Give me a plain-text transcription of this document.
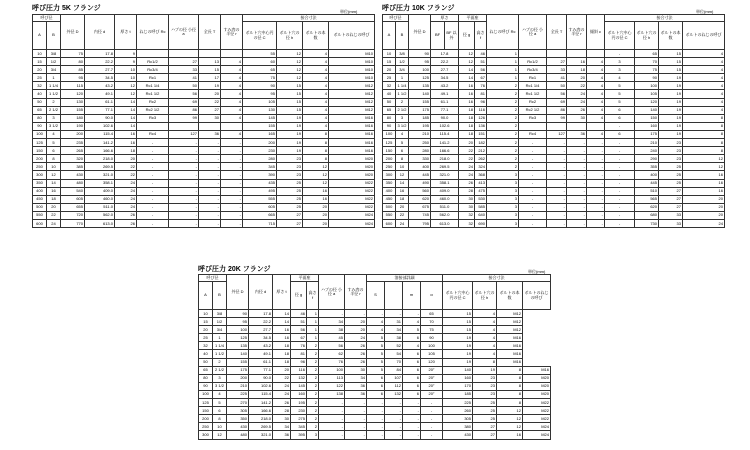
呼び圧力 5K フランジ	単位(mm)
呼び径		外径 D	内径 d	厚さ t	ねじの呼び Rc	ハブの径 小径 a	全長 T	すみ肉の半径 r	接合寸法			
A	B								ボルト穴中心円の径 C	ボルト穴の径 h	ボルトの本数	ボルトのねじの呼び
10	3/8	75	17.8	9					55	12	4	M10
15	1/2	80	22.2	9	Rc1/2	27	13	4	60	12	4	M10
20	3/4	85	27.7	10	Rc3/4	33	15	4	65	12	4	M10
25	1	95	34.5	10	Rc1	41	17	4	75	12	4	M10
32	1 1/4	115	43.2	12	Rc1 1/4	50	19	4	90	15	4	M12
40	1 1/2	120	49.1	12	Rc1 1/2	56	20	4	95	15	4	M12
50	2	130	61.1	14	Rc2	69	22	4	105	15	4	M12
65	2 1/2	155	77.1	14	Rc2 1/2	86	27	4	130	15	4	M12
80	3	180	90.0	14	Rc3	99	30	4	145	19	4	M16
90	3 1/2	190	102.6	14					155	19	4	M16
100	4	200	115.4	16	Rc4	127	36	4	165	19	8	M16
125	5	235	141.2	16	-	-	-	-	200	19	8	M16
150	6	265	166.6	18	-	-	-	-	230	19	8	M16
200	8	320	218.0	20	-	-	-	-	280	23	8	M20
250	10	385	269.5	22	-	-	-	-	345	23	12	M20
300	12	430	321.0	22	-	-	-	-	390	23	12	M20
350	14	480	358.1	24	-	-	-	-	435	25	12	M22
400	16	540	409.0	24	-	-	-	-	495	25	16	M22
450	18	605	460.0	24	-	-	-	-	555	25	16	M22
500	20	655	511.0	24	-	-	-	-	605	25	20	M22
550	22	720	562.0	26	-	-	-	-	665	27	20	M24
600	24	770	613.0	26	-	-	-	-	715	27	20	M24
呼び圧力 10K フランジ	単位(mm)
呼び径		外径 D	厚さ		平面座		ねじの呼び Rc	ハブの径 小径 a	全長 T	すみ肉の半径 r	傾斜 c	接合寸法				
A	B		BF	BF 以外	径 g	高さ f						ボルト穴中心円の径 C	ボルト穴の径 h	ボルトの本数	ボルトのねじの呼び	
10	3/8	90	17.8		12	46	1					-	65	15	4	
15	1/2	95	22.2		12	51	1	Rc1/2	27	16	4	3	70	15	4	
20	3/4	100	27.7		14	56	1	Rc3/4	33	18	4	3	75	15	4	
25	1	125	34.5		14	67	1	Rc1	41	20	4	4	90	19	4	
32	1 1/4	135	43.2		16	76	2	Rc1 1/4	50	22	4	5	100	19	4	
40	1 1/2	140	49.1		16	81	2	Rc1 1/2	56	24	4	5	105	19	4	
50	2	155	61.1		16	96	2	Rc2	69	24	4	5	120	19	4	
65	2 1/2	175	77.1		18	116	2	Rc2 1/2	86	26	4	6	140	19	4	
80	3	185	90.0		18	126	2	Rc3	99	30	4	6	150	19	8	
90	3 1/2	195	102.6		18	136	2					-	160	19	8	
100	4	210	115.4		18	151	2	Rc4	127	36	4	6	175	19	8	
125	5	250	141.2		20	182	2	-	-	-	-	-	210	23	8	
150	6	280	166.6		22	212	2	-	-	-	-	-	240	23	8	
200	8	330	218.0		22	262	2	-	-	-	-	-	290	23	12	
250	10	400	269.5		24	324	2	-	-	-	-	-	355	25	12	
300	12	445	321.0		24	368	3	-	-	-	-	-	400	25	16	
350	14	490	358.1		26	413	3	-	-	-	-	-	445	25	16	
400	16	560	409.0		28	475	3	-	-	-	-	-	510	27	16	
450	18	620	460.0		30	530	3	-	-	-	-	-	565	27	20	
500	20	675	511.0		30	585	3	-	-	-	-	-	620	27	20	
550	22	745	562.0		32	640	3	-	-	-	-	-	680	33	20	
600	24	795	613.0		32	690	3	-	-	-	-	-	730	33	24	
呼び圧力 20K フランジ	単位(mm)
呼び径		外径 D	内径 d	厚さ t	平面座		ハブの径 小径 a	すみ肉の半径 r	溶接部詳細				接合寸法			
A	B				径 g	高さ f			S		m	α	ボルト穴中心円の径 C	ボルト穴の径 h	ボルトの本数	ボルトのねじの呼び
10	3/8	90	17.8	14	46	1	-	-	-	-	-	65	15	4	M12	
15	1/2	95	22.2	14	51	1	34	20	4	31	4	70	15	4	M12	
20	3/4	100	27.7	16	56	1	38	20	4	34	5	75	15	4	M12	
25	1	125	34.5	16	67	1	45	24	5	38	6	90	19	4	M16	
32	1 1/4	135	43.2	18	76	2	56	26	5	52	4	100	19	4	M16	
40	1 1/2	140	49.1	18	81	2	62	26	5	54	6	105	19	4	M16	
50	2	155	61.1	18	96	2	76	26	5	70	6	120	19	8	M16	
65	2 1/2	175	77.1	20	116	2	100	30	5	84	6	20°	140	19	8	M16
80	3	200	90.0	22	132	2	113	34	6	107	6	20°	160	23	8	M20
90	3 1/2	210	102.6	24	145	2	122	36	6	112	6	20°	170	23	8	M20
100	4	225	115.4	24	160	2	138	36	6	132	6	20°	185	23	8	M20
125	5	270	141.2	26	195	2	-	-	-	-	-	-	225	25	8	M22
150	6	305	166.6	28	230	2	-	-	-	-	-	-	260	25	12	M22
200	8	350	218.0	30	275	2	-	-	-	-	-	-	305	25	12	M22
250	10	430	269.5	34	345	2	-	-	-	-	-	-	380	27	12	M24
300	12	480	321.0	36	395	3	-	-	-	-	-	-	430	27	16	M24
